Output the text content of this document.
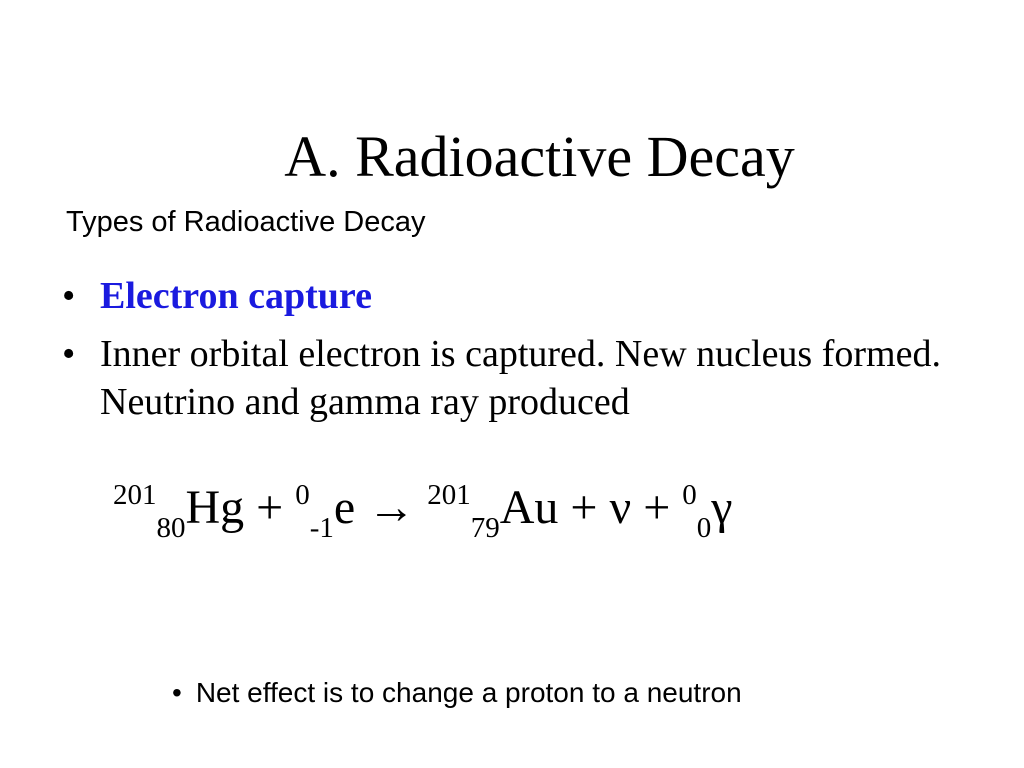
A. Radioactive Decay
Types of Radioactive Decay
• Electron capture
• Inner orbital electron is captured. New nucleus formed. Neutrino and gamma ray produced
$^{201}_{80}$Hg + $^0_{-1}$e → $^{201}_{79}$Au + ν + $^0_0$γ
• Net effect is to change a proton to a neutron
